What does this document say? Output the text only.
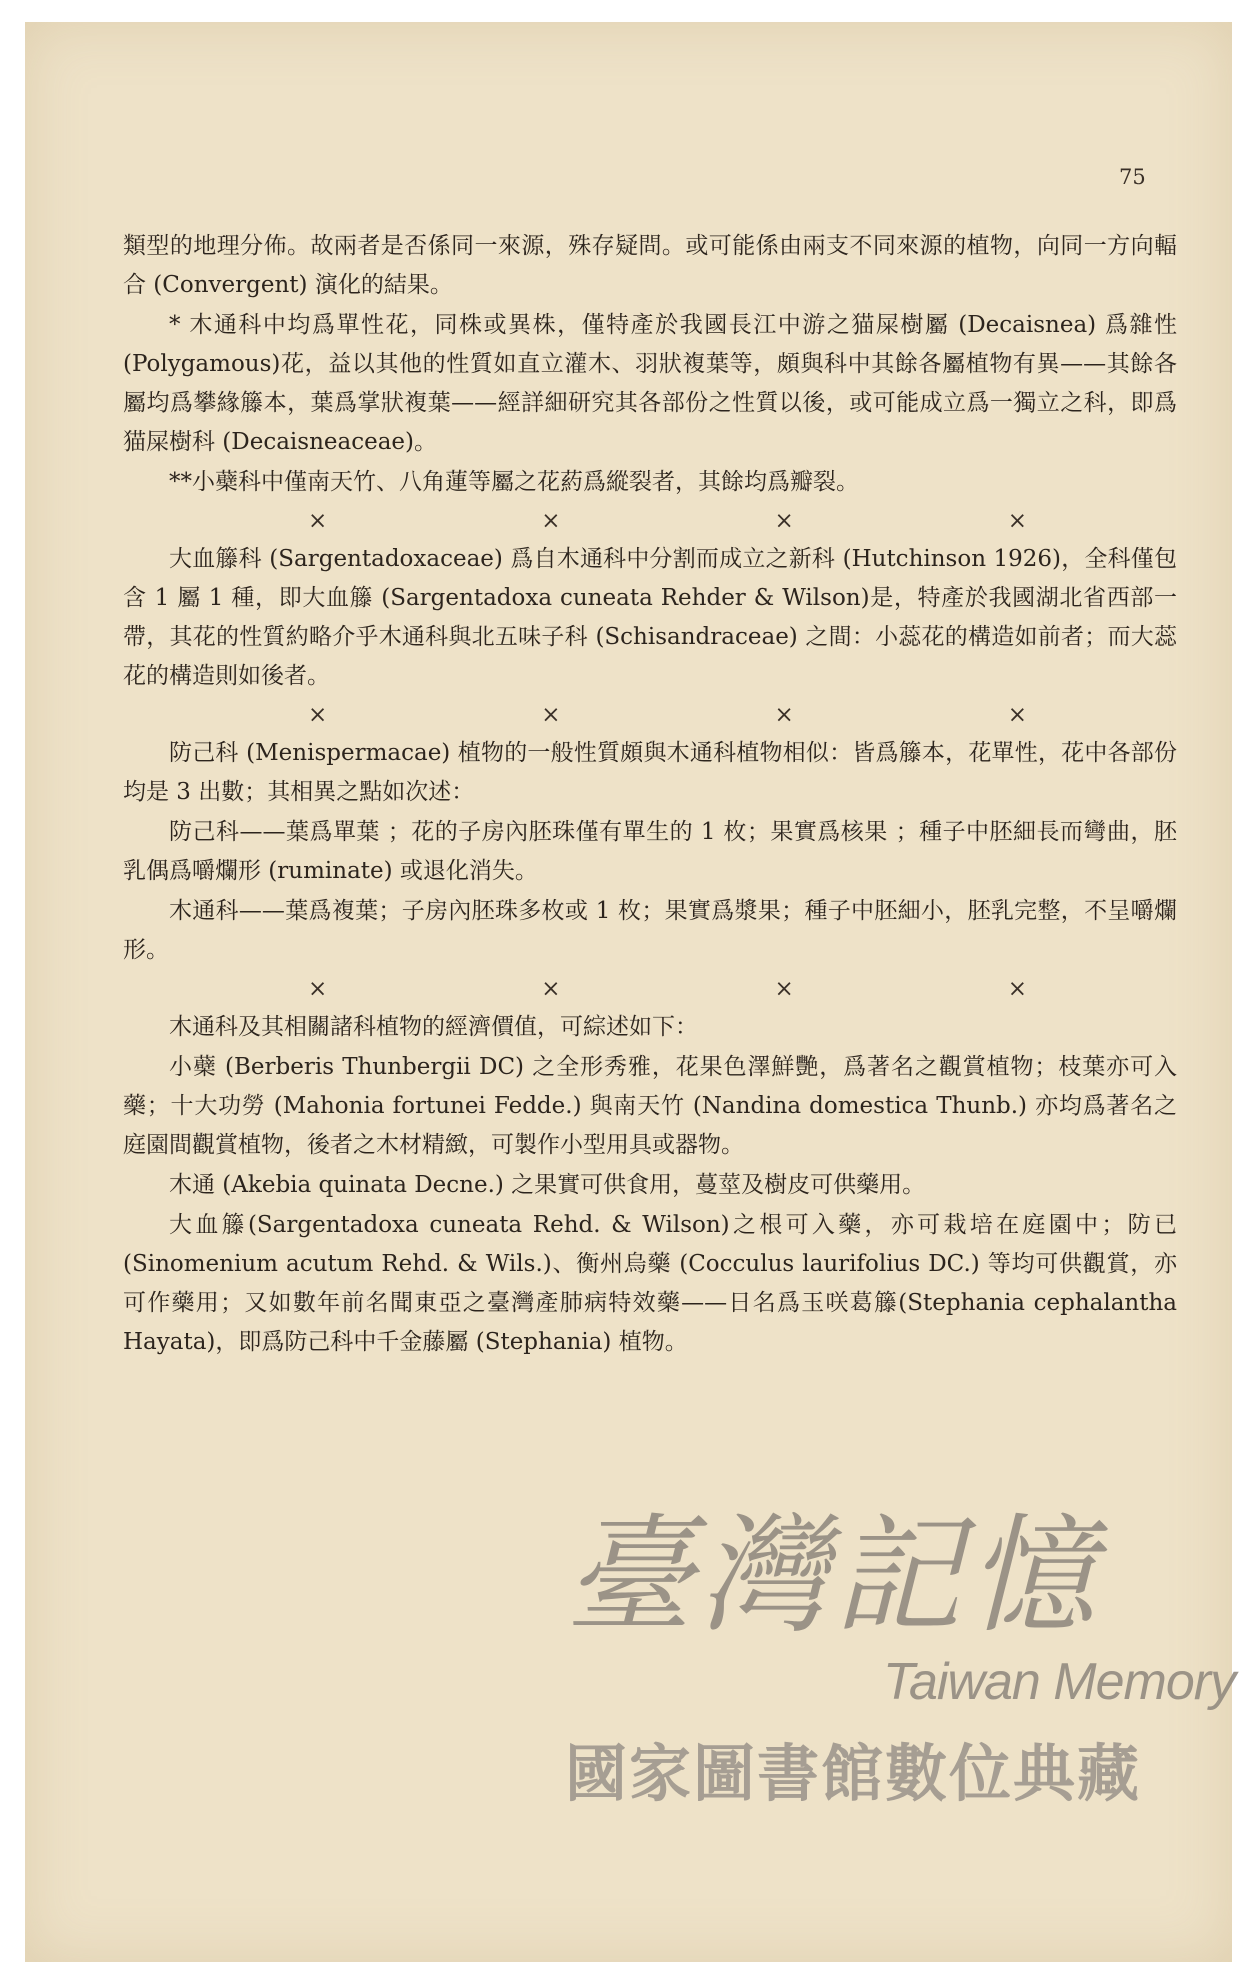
75

類型的地理分佈。故兩者是否係同一來源，殊存疑問。或可能係由兩支不同來源的植物，向同一方向輻合 (Convergent) 演化的結果。

* 木通科中均爲單性花，同株或異株，僅特產於我國長江中游之猫屎樹屬 (Decaisnea) 爲雜性(Polygamous)花，益以其他的性質如直立灌木、羽狀複葉等，頗與科中其餘各屬植物有異——其餘各屬均爲攀緣籐本，葉爲掌狀複葉——經詳細研究其各部份之性質以後，或可能成立爲一獨立之科，即爲猫屎樹科 (Decaisneaceae)。

**小蘗科中僅南天竹、八角蓮等屬之花葯爲縱裂者，其餘均爲瓣裂。

×	×	×	×

大血籐科 (Sargentadoxaceae) 爲自木通科中分割而成立之新科 (Hutchinson 1926)，全科僅包含 1 屬 1 種，即大血籐 (Sargentadoxa cuneata Rehder & Wilson)是，特產於我國湖北省西部一帶，其花的性質約略介乎木通科與北五味子科 (Schisandraceae) 之間：小蕊花的構造如前者；而大蕊花的構造則如後者。

×	×	×	×

防己科 (Menispermacae) 植物的一般性質頗與木通科植物相似：皆爲籐本，花單性，花中各部份均是 3 出數；其相異之點如次述：

防己科——葉爲單葉 ；花的子房內胚珠僅有單生的 1 枚；果實爲核果 ；種子中胚細長而彎曲，胚乳偶爲嚼爛形 (ruminate) 或退化消失。

木通科——葉爲複葉；子房內胚珠多枚或 1 枚；果實爲漿果；種子中胚細小，胚乳完整，不呈嚼爛形。

×	×	×	×

木通科及其相關諸科植物的經濟價值，可綜述如下：

小蘗 (Berberis Thunbergii DC) 之全形秀雅，花果色澤鮮艷，爲著名之觀賞植物；枝葉亦可入藥；十大功勞 (Mahonia fortunei Fedde.) 與南天竹 (Nandina domestica Thunb.) 亦均爲著名之庭園間觀賞植物，後者之木材精緻，可製作小型用具或器物。

木通 (Akebia quinata Decne.) 之果實可供食用，蔓莖及樹皮可供藥用。

大血籐(Sargentadoxa cuneata Rehd. & Wilson)之根可入藥，亦可栽培在庭園中；防已(Sinomenium acutum Rehd. & Wils.)、衡州烏藥 (Cocculus laurifolius DC.) 等均可供觀賞，亦可作藥用；又如數年前名聞東亞之臺灣產肺病特效藥——日名爲玉咲葛籐(Stephania cephalantha Hayata)，即爲防己科中千金藤屬 (Stephania) 植物。

臺灣記憶
Taiwan Memory
國家圖書館數位典藏
